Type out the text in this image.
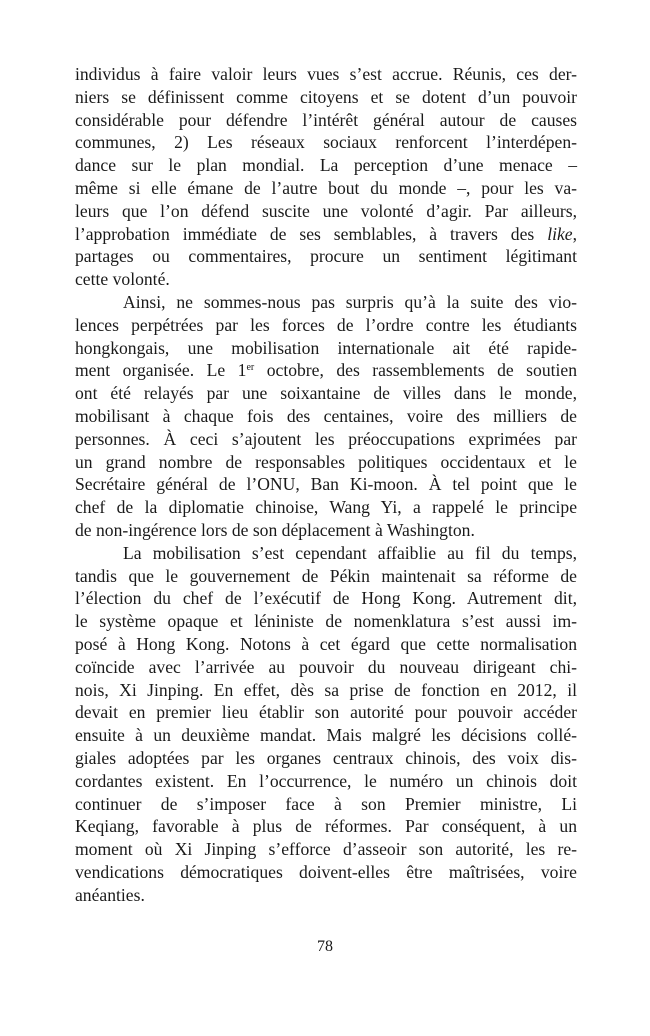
individus à faire valoir leurs vues s’est accrue. Réunis, ces der-
niers se définissent comme citoyens et se dotent d’un pouvoir
considérable pour défendre l’intérêt général autour de causes
communes, 2) Les réseaux sociaux renforcent l’interdépen-
dance sur le plan mondial. La perception d’une menace –
même si elle émane de l’autre bout du monde –, pour les va-
leurs que l’on défend suscite une volonté d’agir. Par ailleurs,
l’approbation immédiate de ses semblables, à travers des like,
partages ou commentaires, procure un sentiment légitimant
cette volonté.
Ainsi, ne sommes-nous pas surpris qu’à la suite des vio-
lences perpétrées par les forces de l’ordre contre les étudiants
hongkongais, une mobilisation internationale ait été rapide-
ment organisée. Le 1er octobre, des rassemblements de soutien
ont été relayés par une soixantaine de villes dans le monde,
mobilisant à chaque fois des centaines, voire des milliers de
personnes. À ceci s’ajoutent les préoccupations exprimées par
un grand nombre de responsables politiques occidentaux et le
Secrétaire général de l’ONU, Ban Ki-moon. À tel point que le
chef de la diplomatie chinoise, Wang Yi, a rappelé le principe
de non-ingérence lors de son déplacement à Washington.
La mobilisation s’est cependant affaiblie au fil du temps,
tandis que le gouvernement de Pékin maintenait sa réforme de
l’élection du chef de l’exécutif de Hong Kong. Autrement dit,
le système opaque et léniniste de nomenklatura s’est aussi im-
posé à Hong Kong. Notons à cet égard que cette normalisation
coïncide avec l’arrivée au pouvoir du nouveau dirigeant chi-
nois, Xi Jinping. En effet, dès sa prise de fonction en 2012, il
devait en premier lieu établir son autorité pour pouvoir accéder
ensuite à un deuxième mandat. Mais malgré les décisions collé-
giales adoptées par les organes centraux chinois, des voix dis-
cordantes existent. En l’occurrence, le numéro un chinois doit
continuer de s’imposer face à son Premier ministre, Li
Keqiang, favorable à plus de réformes. Par conséquent, à un
moment où Xi Jinping s’efforce d’asseoir son autorité, les re-
vendications démocratiques doivent-elles être maîtrisées, voire
anéanties.
78
